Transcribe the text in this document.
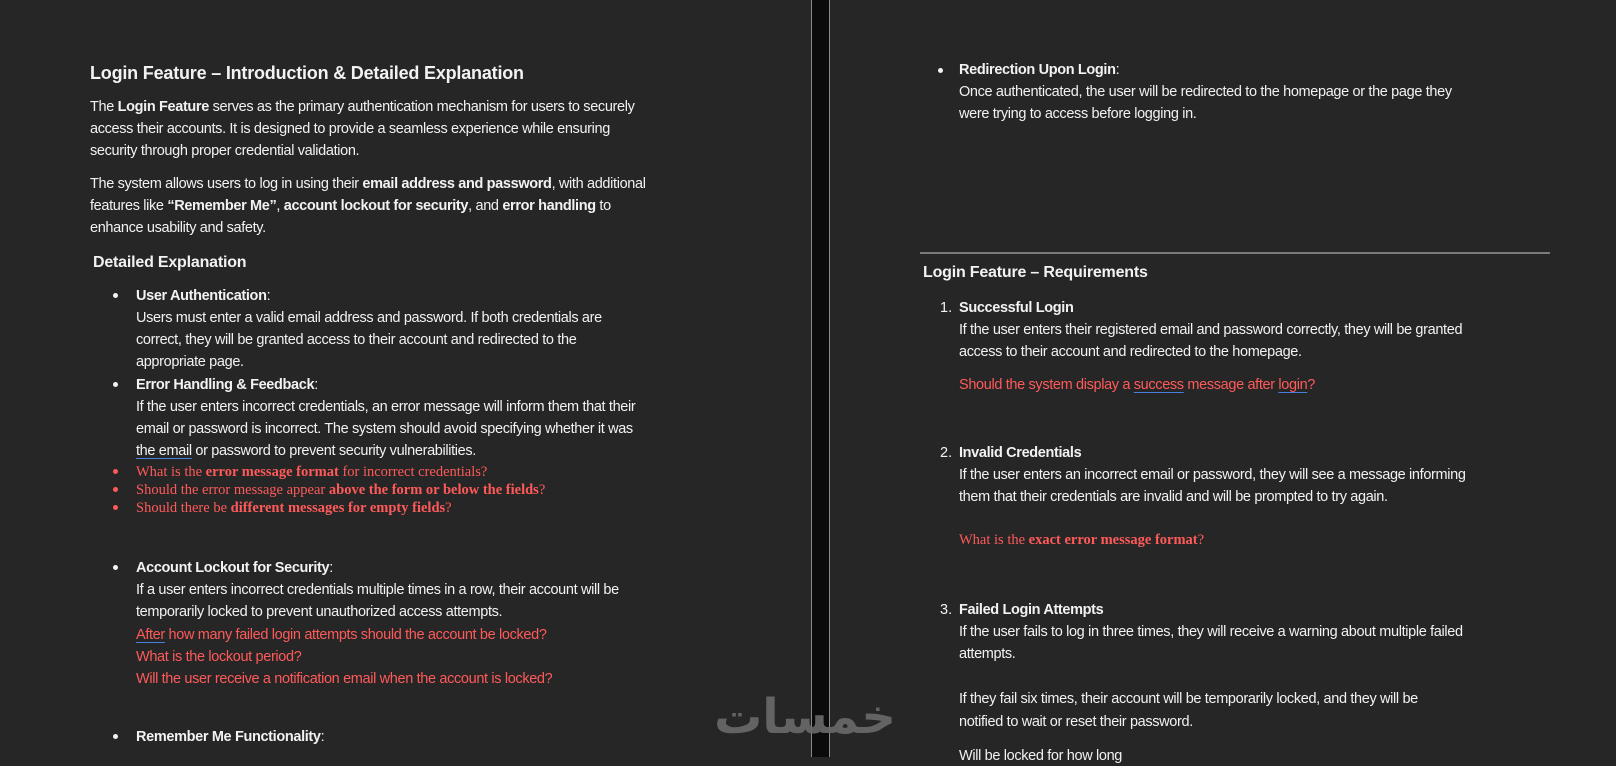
Login Feature – Introduction & Detailed Explanation
The Login Feature serves as the primary authentication mechanism for users to securely
access their accounts. It is designed to provide a seamless experience while ensuring
security through proper credential validation.
The system allows users to log in using their email address and password, with additional
features like “Remember Me”, account lockout for security, and error handling to
enhance usability and safety.
Detailed Explanation
User Authentication:
Users must enter a valid email address and password. If both credentials are
correct, they will be granted access to their account and redirected to the
appropriate page.
Error Handling & Feedback:
If the user enters incorrect credentials, an error message will inform them that their
email or password is incorrect. The system should avoid specifying whether it was
the email or password to prevent security vulnerabilities.
What is the error message format for incorrect credentials?
Should the error message appear above the form or below the fields?
Should there be different messages for empty fields?
Account Lockout for Security:
If a user enters incorrect credentials multiple times in a row, their account will be
temporarily locked to prevent unauthorized access attempts.
After how many failed login attempts should the account be locked?
What is the lockout period?
Will the user receive a notification email when the account is locked?
Remember Me Functionality:
Redirection Upon Login:
Once authenticated, the user will be redirected to the homepage or the page they
were trying to access before logging in.
Login Feature – Requirements
1. Successful Login
If the user enters their registered email and password correctly, they will be granted
access to their account and redirected to the homepage.
Should the system display a success message after login?
2. Invalid Credentials
If the user enters an incorrect email or password, they will see a message informing
them that their credentials are invalid and will be prompted to try again.
What is the exact error message format?
3. Failed Login Attempts
If the user fails to log in three times, they will receive a warning about multiple failed
attempts.
If they fail six times, their account will be temporarily locked, and they will be
notified to wait or reset their password.
Will be locked for how long
خمسات
